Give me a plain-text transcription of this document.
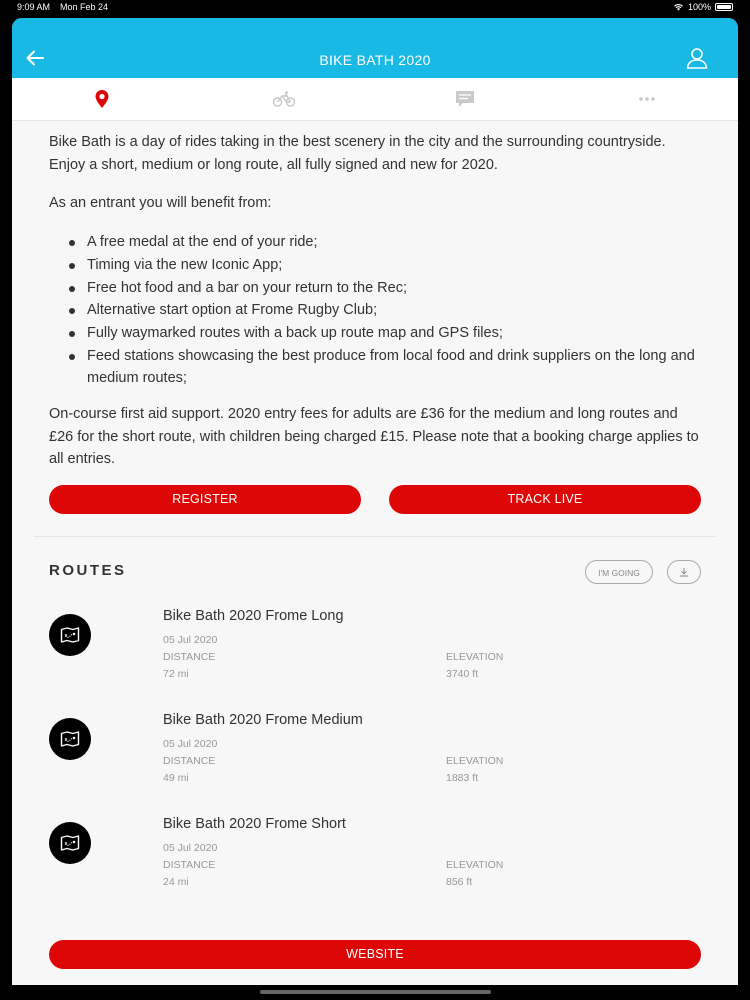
9:09 AM Mon Feb 24	100%
BIKE BATH 2020

Bike Bath is a day of rides taking in the best scenery in the city and the surrounding countryside. Enjoy a short, medium or long route, all fully signed and new for 2020.

As an entrant you will benefit from:

A free medal at the end of your ride;
Timing via the new Iconic App;
Free hot food and a bar on your return to the Rec;
Alternative start option at Frome Rugby Club;
Fully waymarked routes with a back up route map and GPS files;
Feed stations showcasing the best produce from local food and drink suppliers on the long and medium routes;

On-course first aid support. 2020 entry fees for adults are £36 for the medium and long routes and £26 for the short route, with children being charged £15. Please note that a booking charge applies to all entries.

REGISTER	TRACK LIVE
ROUTES	I'M GOING
Bike Bath 2020 Frome Long
05 Jul 2020
DISTANCE
72 mi
ELEVATION
3740 ft
Bike Bath 2020 Frome Medium
05 Jul 2020
DISTANCE
49 mi
ELEVATION
1883 ft
Bike Bath 2020 Frome Short
05 Jul 2020
DISTANCE
24 mi
ELEVATION
856 ft
WEBSITE
